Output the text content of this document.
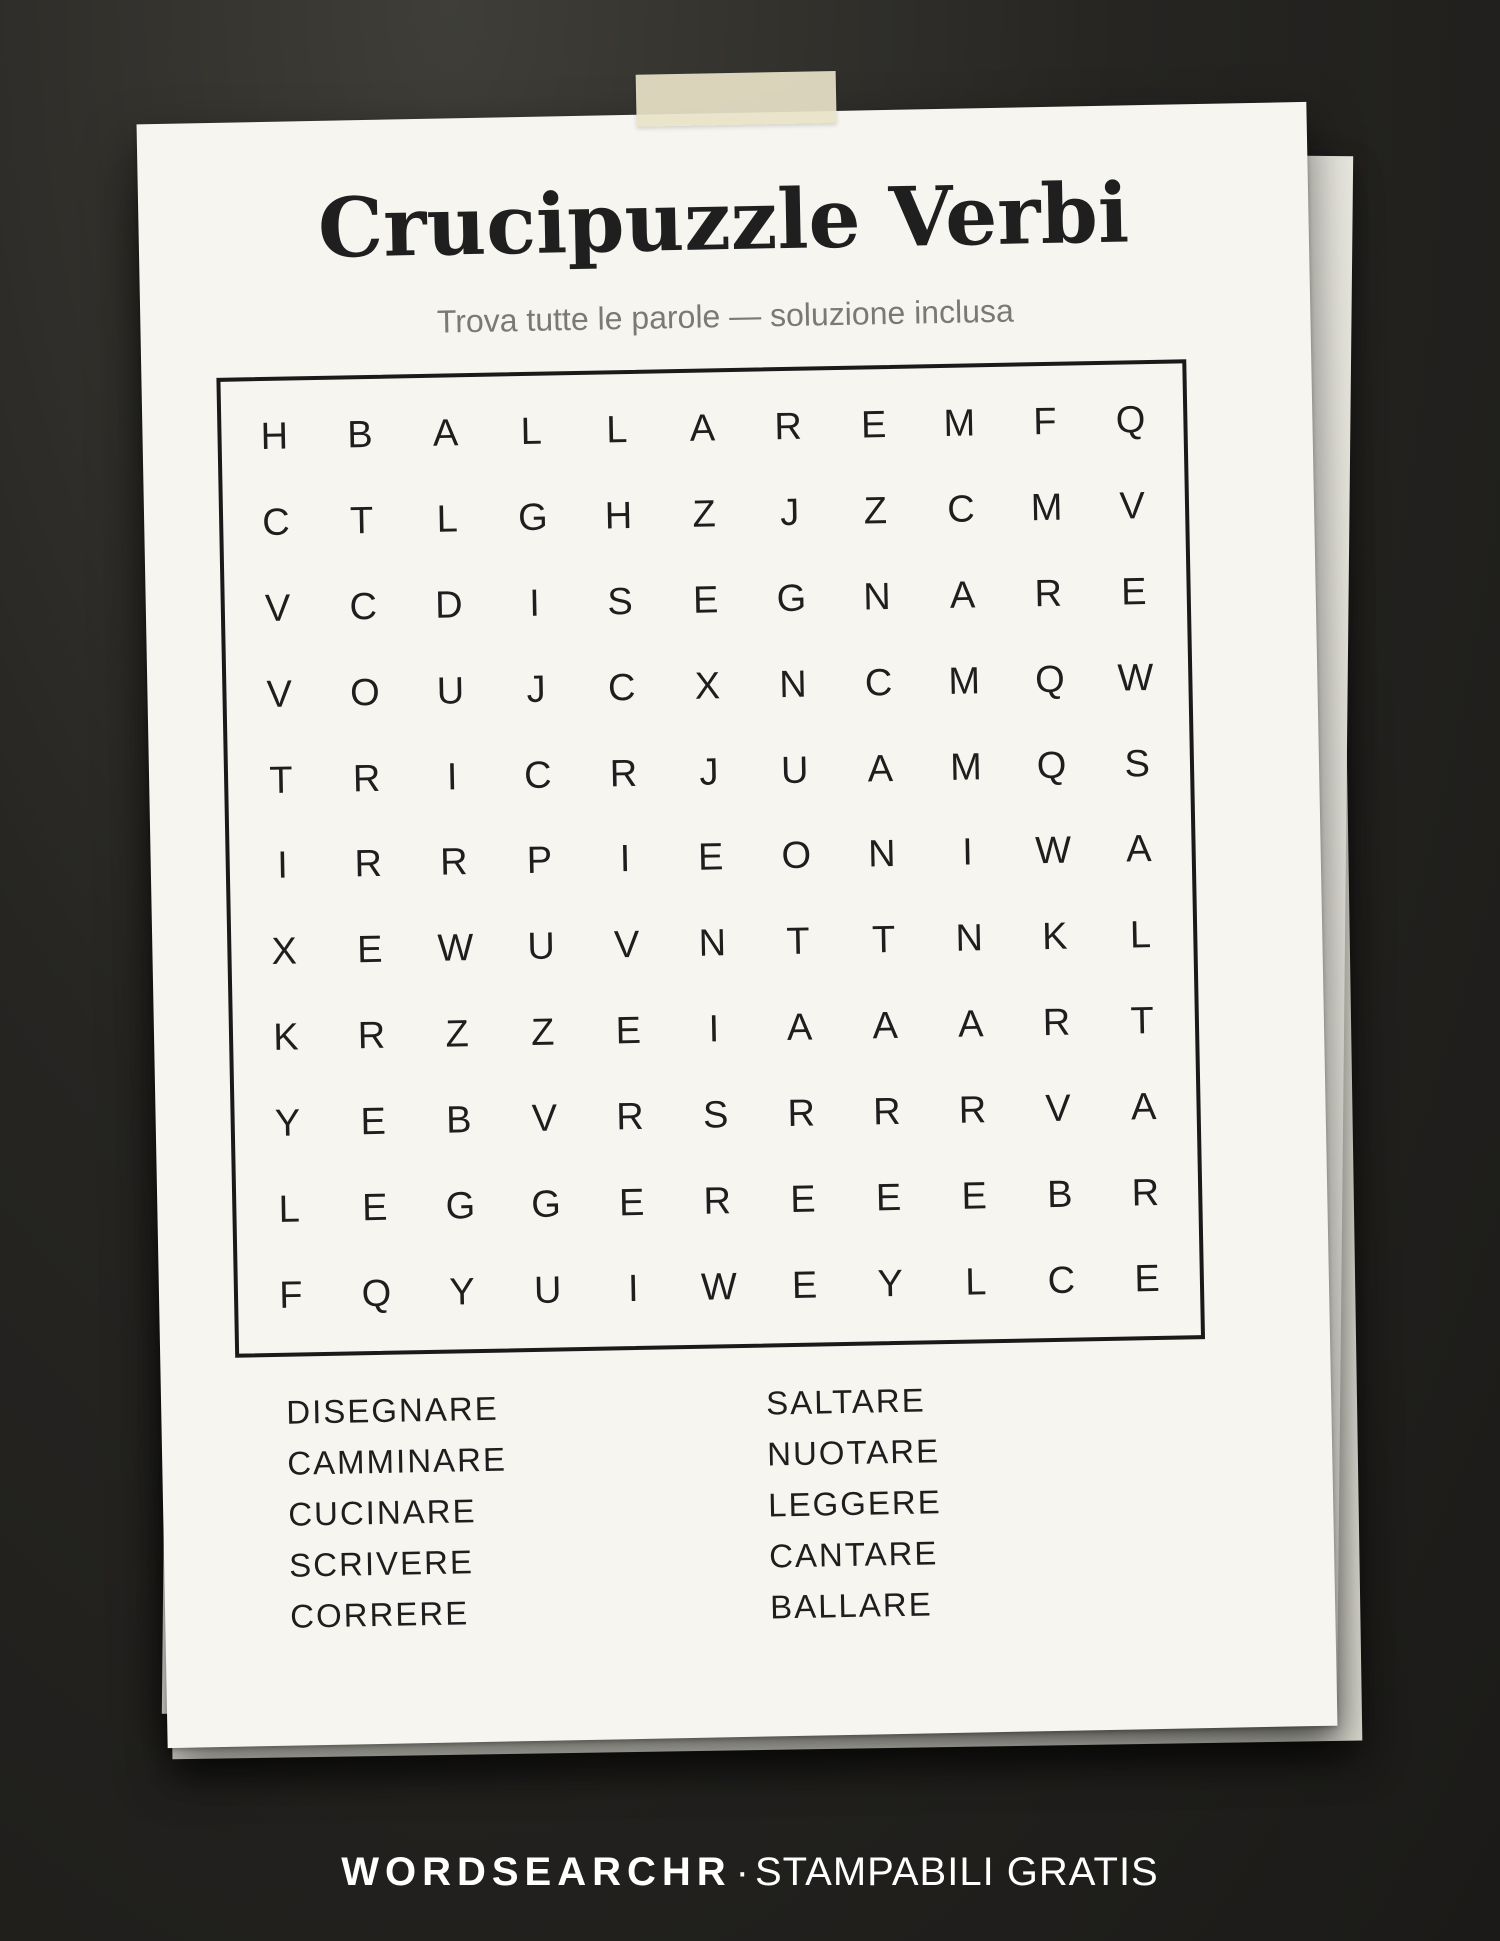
Crucipuzzle Verbi
Trova tutte le parole — soluzione inclusa
H	B	A	L	L	A	R	E	M	F	Q
C	T	L	G	H	Z	J	Z	C	M	V
V	C	D	I	S	E	G	N	A	R	E
V	O	U	J	C	X	N	C	M	Q	W
T	R	I	C	R	J	U	A	M	Q	S
I	R	R	P	I	E	O	N	I	W	A
X	E	W	U	V	N	T	T	N	K	L
K	R	Z	Z	E	I	A	A	A	R	T
Y	E	B	V	R	S	R	R	R	V	A
L	E	G	G	E	R	E	E	E	B	R
F	Q	Y	U	I	W	E	Y	L	C	E
DISEGNARE
CAMMINARE
CUCINARE
SCRIVERE
CORRERE
SALTARE
NUOTARE
LEGGERE
CANTARE
BALLARE
WORDSEARCHR · STAMPABILI GRATIS
